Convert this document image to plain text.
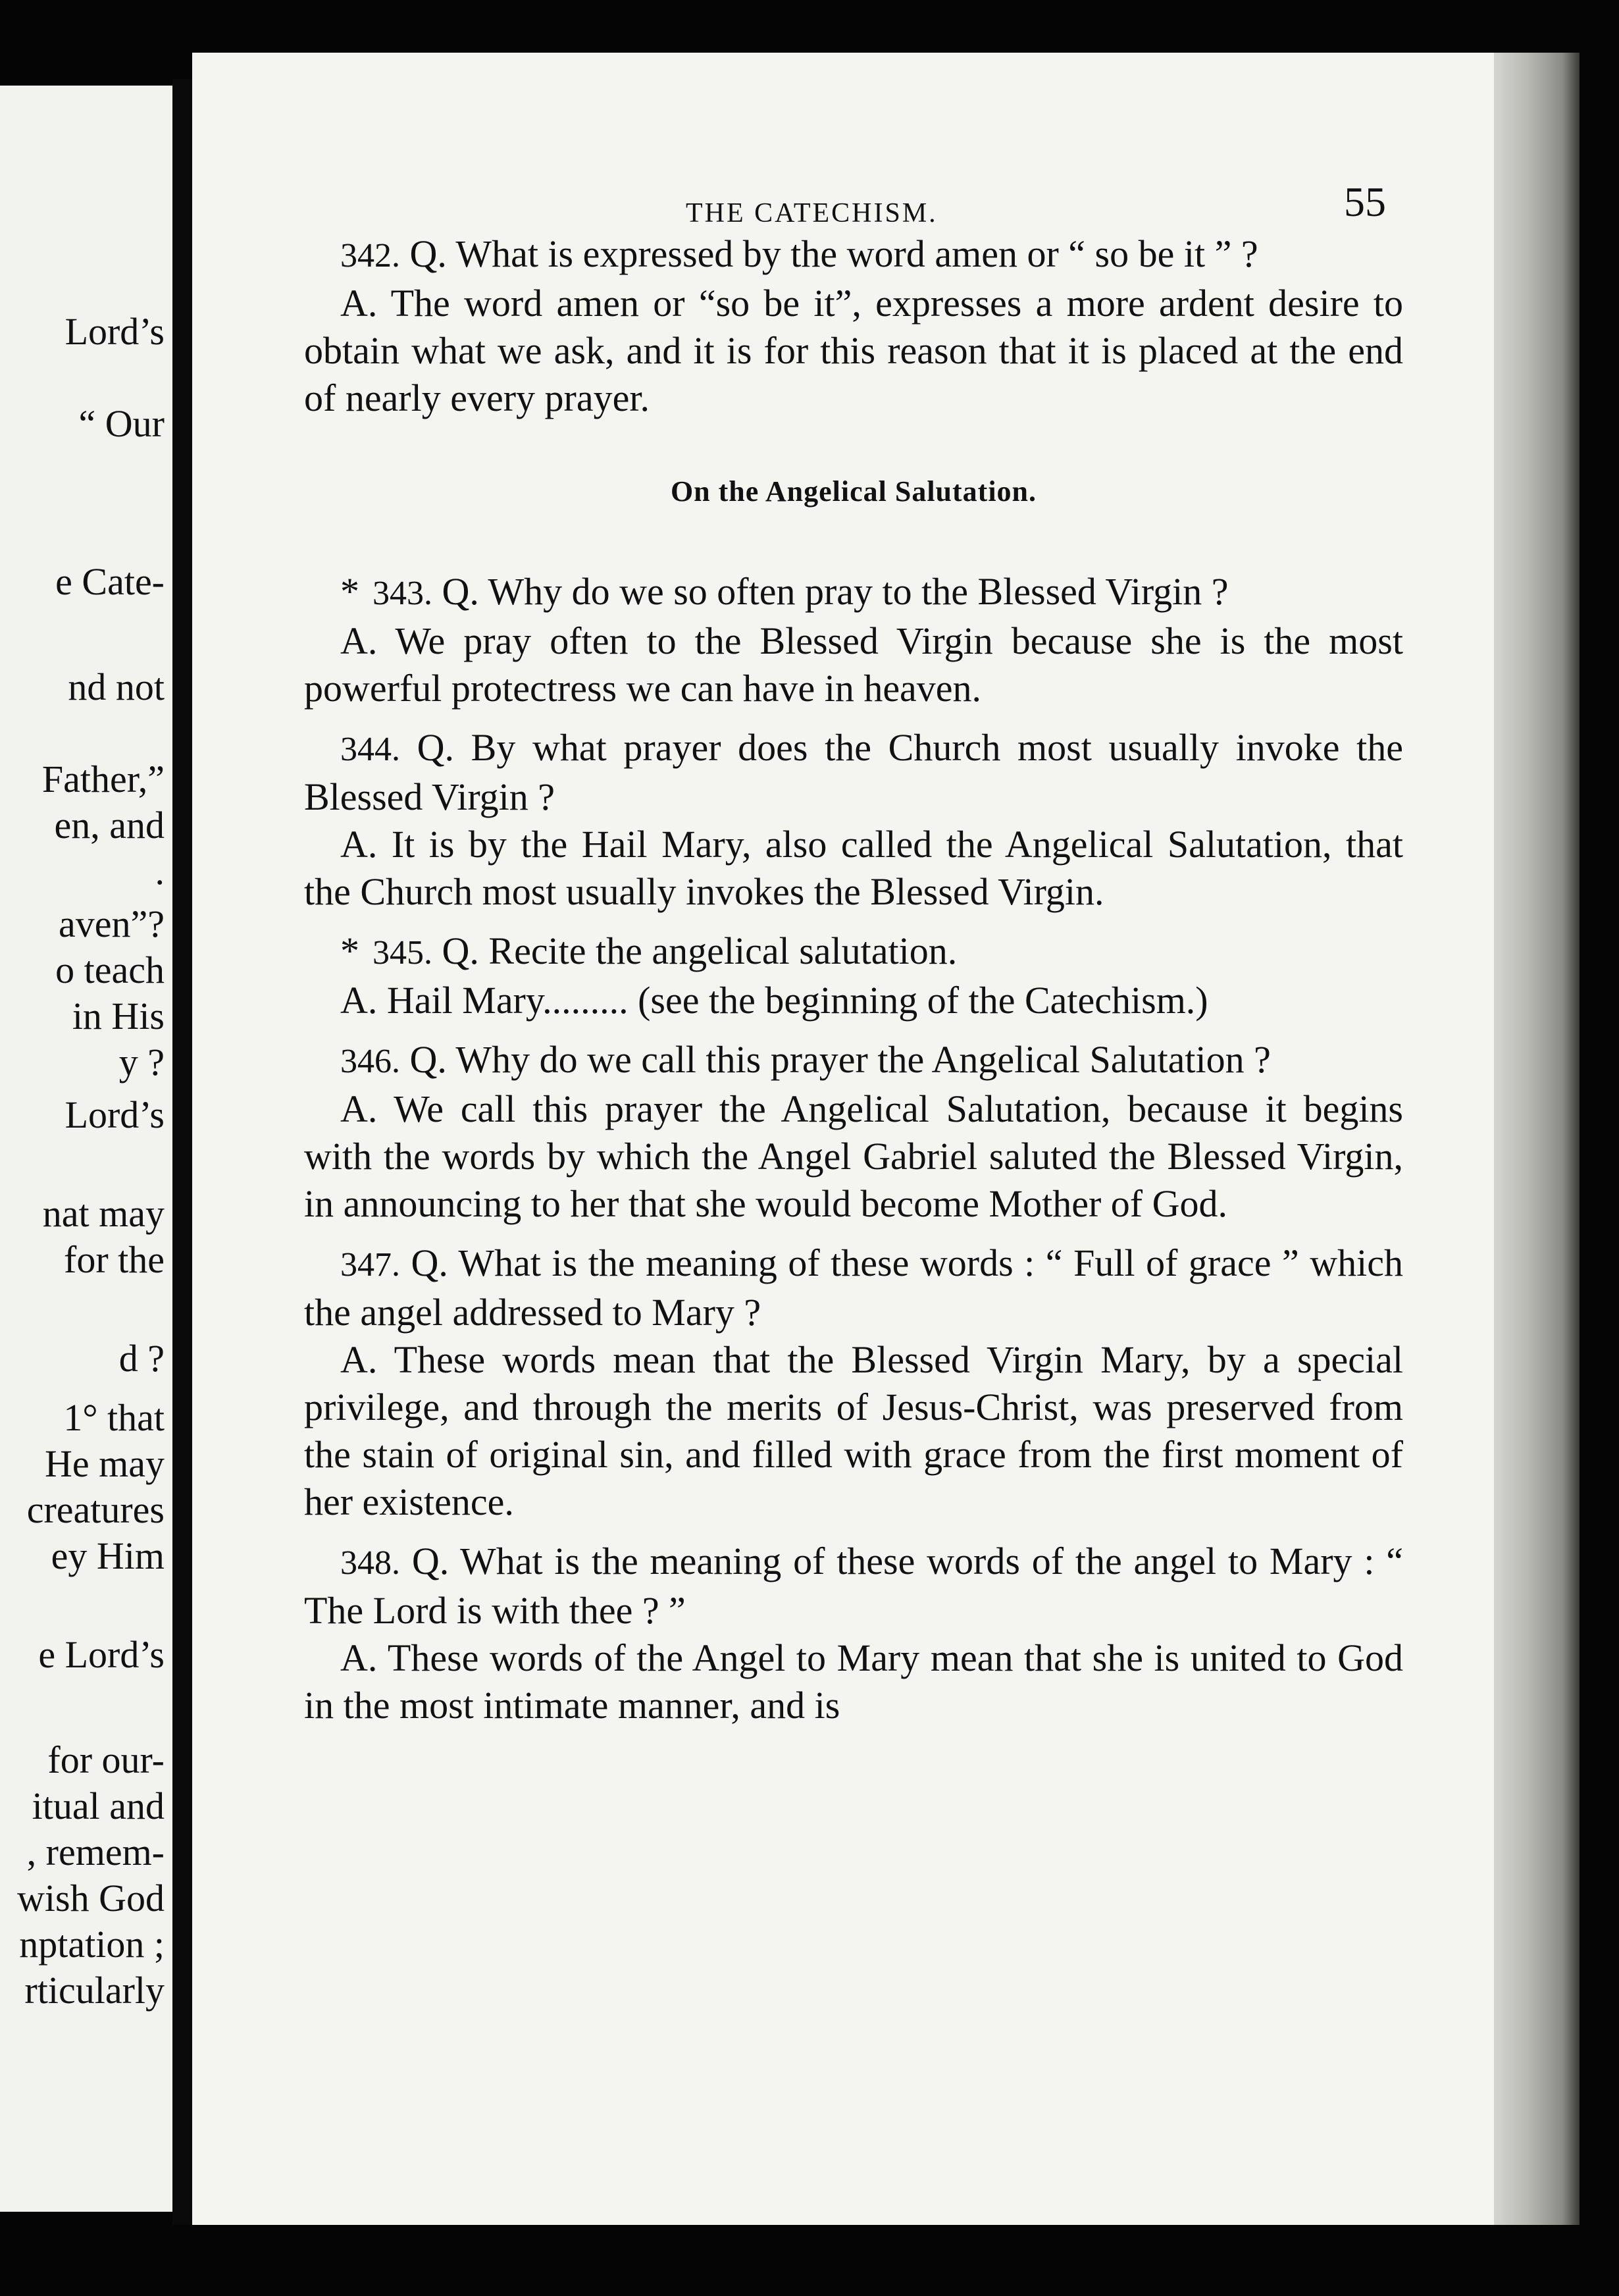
Lord’s
“ Our
e Cate-
nd not
Father,”
en, and
.
aven”?
o teach
in His
y ?
Lord’s
nat may
for the
d ?
1° that
He may
creatures
ey Him
e Lord’s
for our-
itual and
, remem-
wish God
nptation ;
rticularly
THE CATECHISM.	55

342. Q. What is expressed by the word amen or “ so be it ” ?

A. The word amen or “so be it”, expresses a more ardent desire to obtain what we ask, and it is for this reason that it is placed at the end of nearly every prayer.

On the Angelical Salutation.

* 343. Q. Why do we so often pray to the Blessed Virgin ?

A. We pray often to the Blessed Virgin because she is the most powerful protectress we can have in heaven.

344. Q. By what prayer does the Church most usually invoke the Blessed Virgin ?

A. It is by the Hail Mary, also called the Angelical Salutation, that the Church most usually invokes the Blessed Virgin.

* 345. Q. Recite the angelical salutation.

A. Hail Mary......... (see the beginning of the Catechism.)

346. Q. Why do we call this prayer the Angelical Salutation ?

A. We call this prayer the Angelical Salutation, because it begins with the words by which the Angel Gabriel saluted the Blessed Virgin, in announcing to her that she would become Mother of God.

347. Q. What is the meaning of these words : “ Full of grace ” which the angel addressed to Mary ?

A. These words mean that the Blessed Virgin Mary, by a special privilege, and through the merits of Jesus-Christ, was preserved from the stain of original sin, and filled with grace from the first moment of her existence.

348. Q. What is the meaning of these words of the angel to Mary : “ The Lord is with thee ? ”

A. These words of the Angel to Mary mean that she is united to God in the most intimate manner, and is
